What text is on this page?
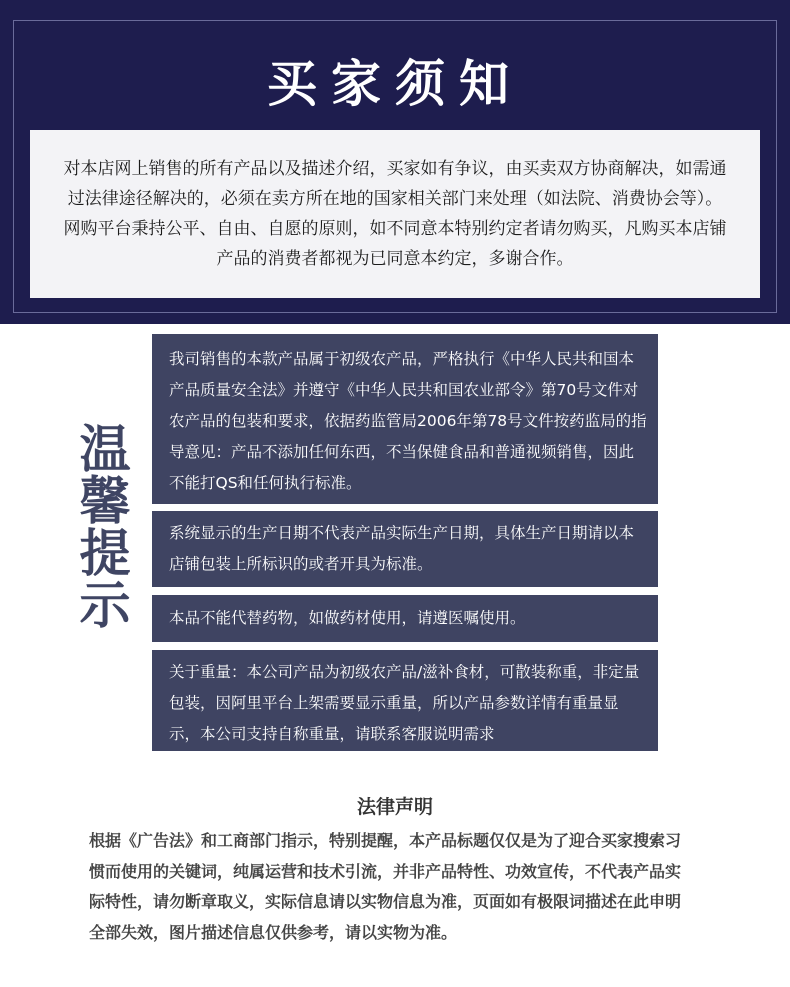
买家须知

对本店网上销售的所有产品以及描述介绍，买家如有争议，由买卖双方协商解决，如需通过法律途径解决的，必须在卖方所在地的国家相关部门来处理（如法院、消费协会等）。网购平台秉持公平、自由、自愿的原则，如不同意本特别约定者请勿购买，凡购买本店铺产品的消费者都视为已同意本约定，多谢合作。

温
馨
提
示
我司销售的本款产品属于初级农产品，严格执行《中华人民共和国本产品质量安全法》并遵守《中华人民共和国农业部令》第70号文件对农产品的包装和要求，依据药监管局2006年第78号文件按药监局的指导意见：产品不添加任何东西，不当保健食品和普通视频销售，因此不能打QS和任何执行标准。
系统显示的生产日期不代表产品实际生产日期，具体生产日期请以本店铺包装上所标识的或者开具为标准。
本品不能代替药物，如做药材使用，请遵医嘱使用。
关于重量：本公司产品为初级农产品/滋补食材，可散装称重，非定量包装，因阿里平台上架需要显示重量，所以产品参数详情有重量显示，本公司支持自称重量，请联系客服说明需求
法律声明

根据《广告法》和工商部门指示，特别提醒，本产品标题仅仅是为了迎合买家搜索习惯而使用的关键词，纯属运营和技术引流，并非产品特性、功效宣传，不代表产品实际特性，请勿断章取义，实际信息请以实物信息为准，页面如有极限词描述在此申明全部失效，图片描述信息仅供参考，请以实物为准。
